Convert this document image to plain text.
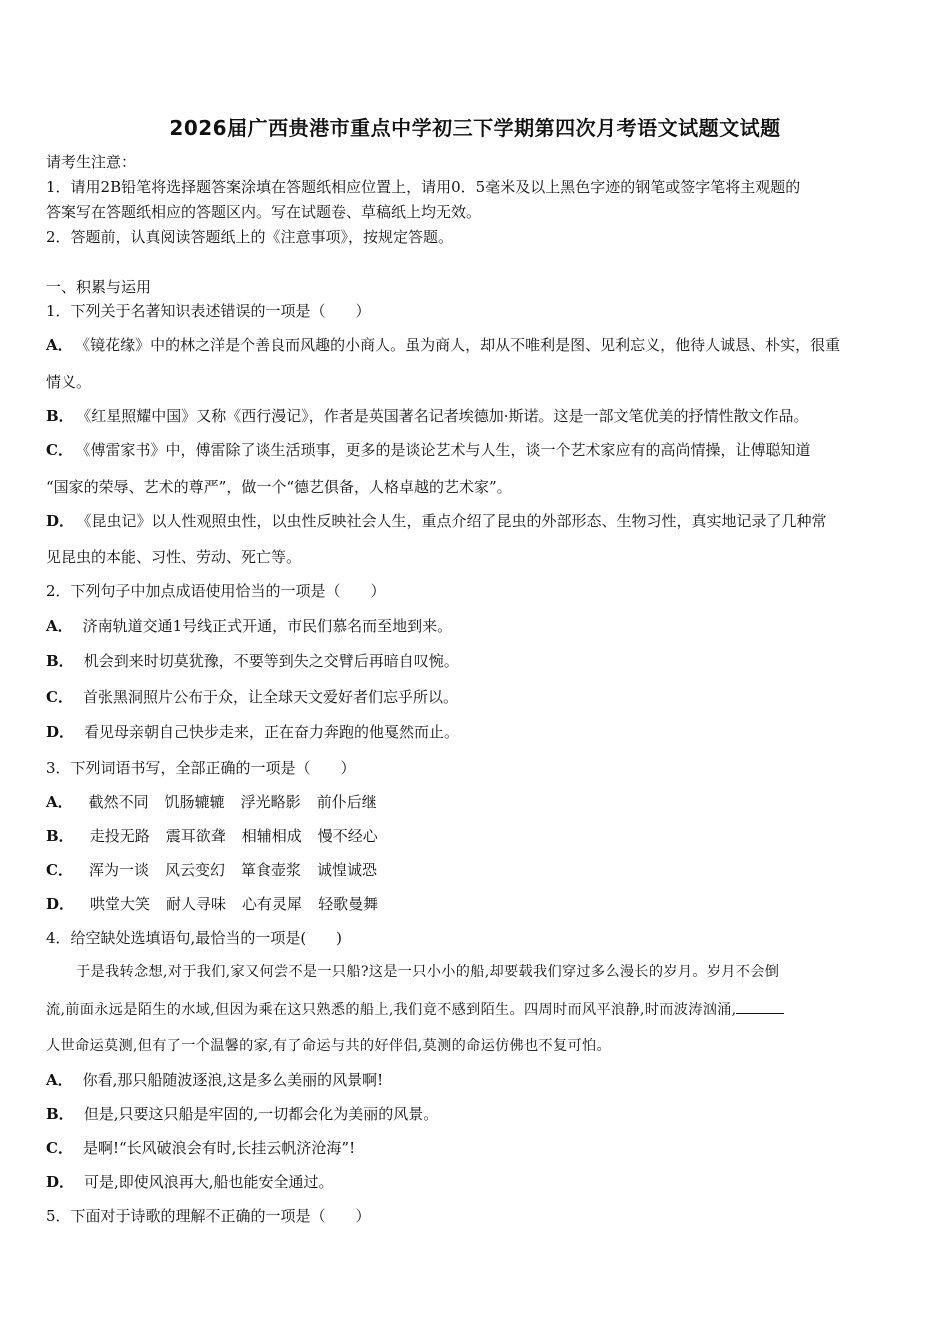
2026届广西贵港市重点中学初三下学期第四次月考语文试题文试题
请考生注意：
1．请用2B铅笔将选择题答案涂填在答题纸相应位置上，请用0．5毫米及以上黑色字迹的钢笔或签字笔将主观题的
答案写在答题纸相应的答题区内。写在试题卷、草稿纸上均无效。
2．答题前，认真阅读答题纸上的《注意事项》，按规定答题。
一、积累与运用
1．下列关于名著知识表述错误的一项是（　　）
A． 《镜花缘》中的林之洋是个善良而风趣的小商人。虽为商人，却从不唯利是图、见利忘义，他待人诚恳、朴实，很重
情义。
B． 《红星照耀中国》又称《西行漫记》，作者是英国著名记者埃德加·斯诺。这是一部文笔优美的抒情性散文作品。
C． 《傅雷家书》中，傅雷除了谈生活琐事，更多的是谈论艺术与人生，谈一个艺术家应有的高尚情操，让傅聪知道
“国家的荣辱、艺术的尊严”，做一个“德艺俱备，人格卓越的艺术家”。
D． 《昆虫记》以人性观照虫性，以虫性反映社会人生，重点介绍了昆虫的外部形态、生物习性，真实地记录了几种常
见昆虫的本能、习性、劳动、死亡等。
2．下列句子中加点成语使用恰当的一项是（　　）
A． 济南轨道交通1号线正式开通，市民们慕名而至地到来。
B． 机会到来时切莫犹豫，不要等到失之交臂后再暗自叹惋。
C． 首张黑洞照片公布于众，让全球天文爱好者们忘乎所以。
D． 看见母亲朝自己快步走来，正在奋力奔跑的他戛然而止。
3．下列词语书写，全部正确的一项是（　　）
A． 截然不同 饥肠辘辘 浮光略影 前仆后继
B． 走投无路 震耳欲聋 相辅相成 慢不经心
C． 浑为一谈 风云变幻 箪食壶浆 诚惶诚恐
D． 哄堂大笑 耐人寻味 心有灵犀 轻歌曼舞
4．给空缺处选填语句,最恰当的一项是(　　)
于是我转念想,对于我们,家又何尝不是一只船?这是一只小小的船,却要载我们穿过多么漫长的岁月。岁月不会倒
流,前面永远是陌生的水域,但因为乘在这只熟悉的船上,我们竟不感到陌生。四周时而风平浪静,时而波涛汹涌,
人世命运莫测,但有了一个温馨的家,有了命运与共的好伴侣,莫测的命运仿佛也不复可怕。
A． 你看,那只船随波逐浪,这是多么美丽的风景啊!
B． 但是,只要这只船是牢固的,一切都会化为美丽的风景。
C． 是啊!“长风破浪会有时,长挂云帆济沧海”!
D． 可是,即使风浪再大,船也能安全通过。
5．下面对于诗歌的理解不正确的一项是（　　）
